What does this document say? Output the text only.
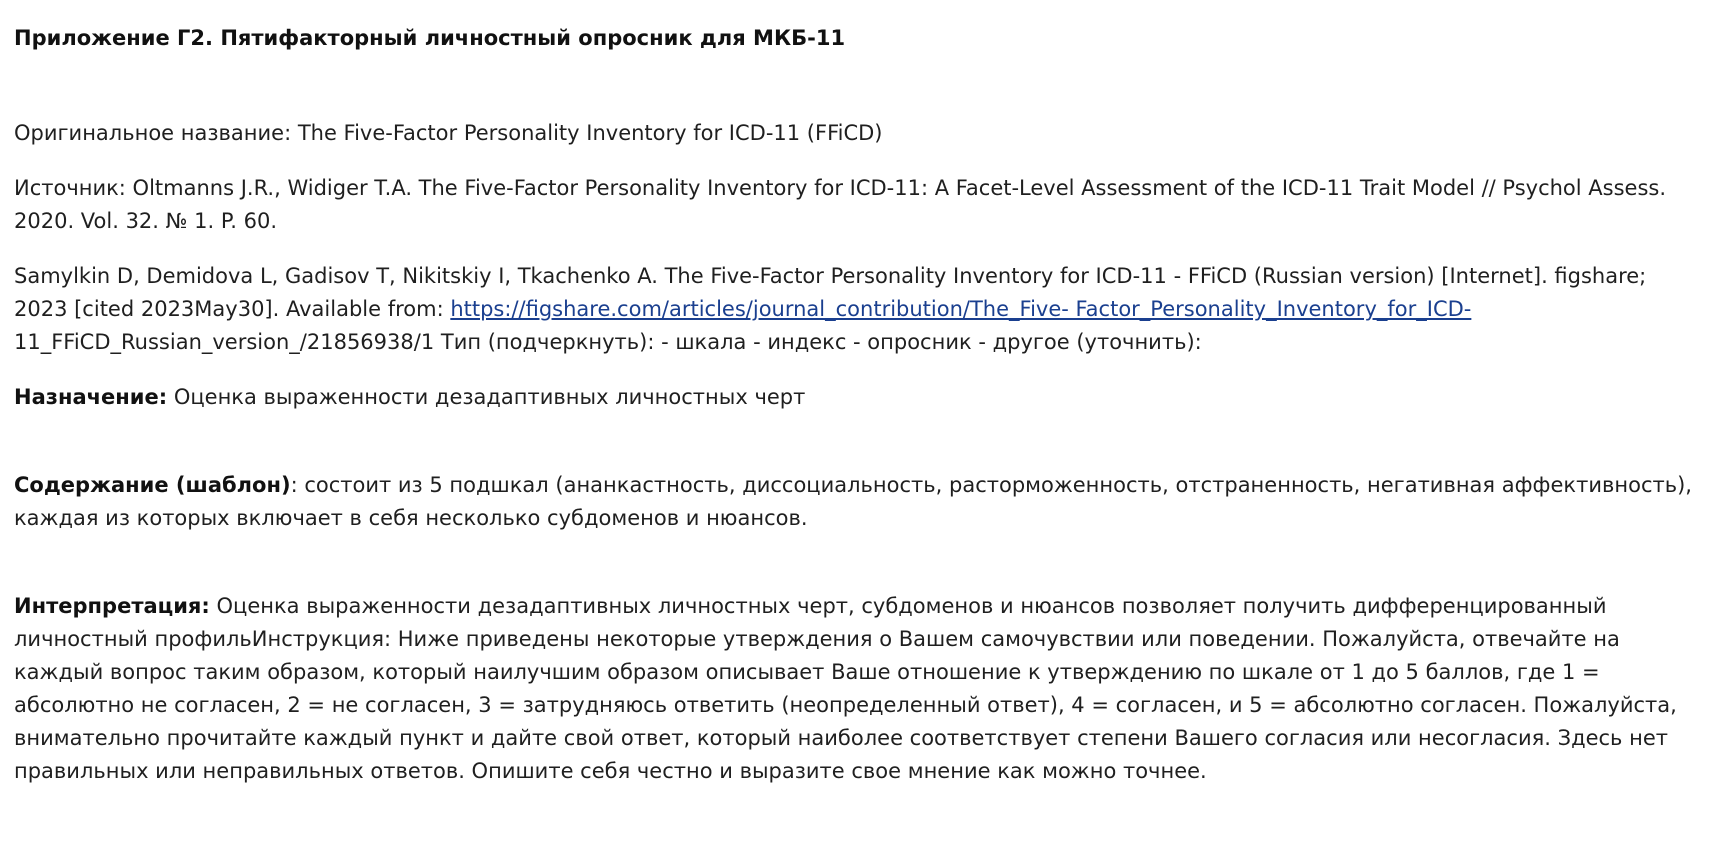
Приложение Г2. Пятифакторный личностный опросник для МКБ-11

Оригинальное название: The Five-Factor Personality Inventory for ICD-11 (FFiCD)

Источник: Oltmanns J.R., Widiger T.A. The Five-Factor Personality Inventory for ICD-11: A Facet-Level Assessment of the ICD-11 Trait Model // Psychol Assess. 2020. Vol. 32. № 1. P. 60.

Samylkin D, Demidova L, Gadisov T, Nikitskiy I, Tkachenko A. The Five-Factor Personality Inventory for ICD-11 - FFiCD (Russian version) [Internet]. figshare; 2023 [cited 2023May30]. Available from: https://figshare.com/articles/journal_contribution/The_Five- Factor_Personality_Inventory_for_ICD- 11_FFiCD_Russian_version_/21856938/1 Тип (подчеркнуть): - шкала - индекс - опросник - другое (уточнить):

Назначение: Оценка выраженности дезадаптивных личностных черт

Содержание (шаблон): состоит из 5 подшкал (ананкастность, диссоциальность, расторможенность, отстраненность, негативная аффективность), каждая из которых включает в себя несколько субдоменов и нюансов.

Интерпретация: Оценка выраженности дезадаптивных личностных черт, субдоменов и нюансов позволяет получить дифференцированный личностный профильИнструкция: Ниже приведены некоторые утверждения о Вашем самочувствии или поведении. Пожалуйста, отвечайте на каждый вопрос таким образом, который наилучшим образом описывает Ваше отношение к утверждению по шкале от 1 до 5 баллов, где 1 = абсолютно не согласен, 2 = не согласен, 3 = затрудняюсь ответить (неопределенный ответ), 4 = согласен, и 5 = абсолютно согласен. Пожалуйста, внимательно прочитайте каждый пункт и дайте свой ответ, который наиболее соответствует степени Вашего согласия или несогласия. Здесь нет правильных или неправильных ответов. Опишите себя честно и выразите свое мнение как можно точнее.
